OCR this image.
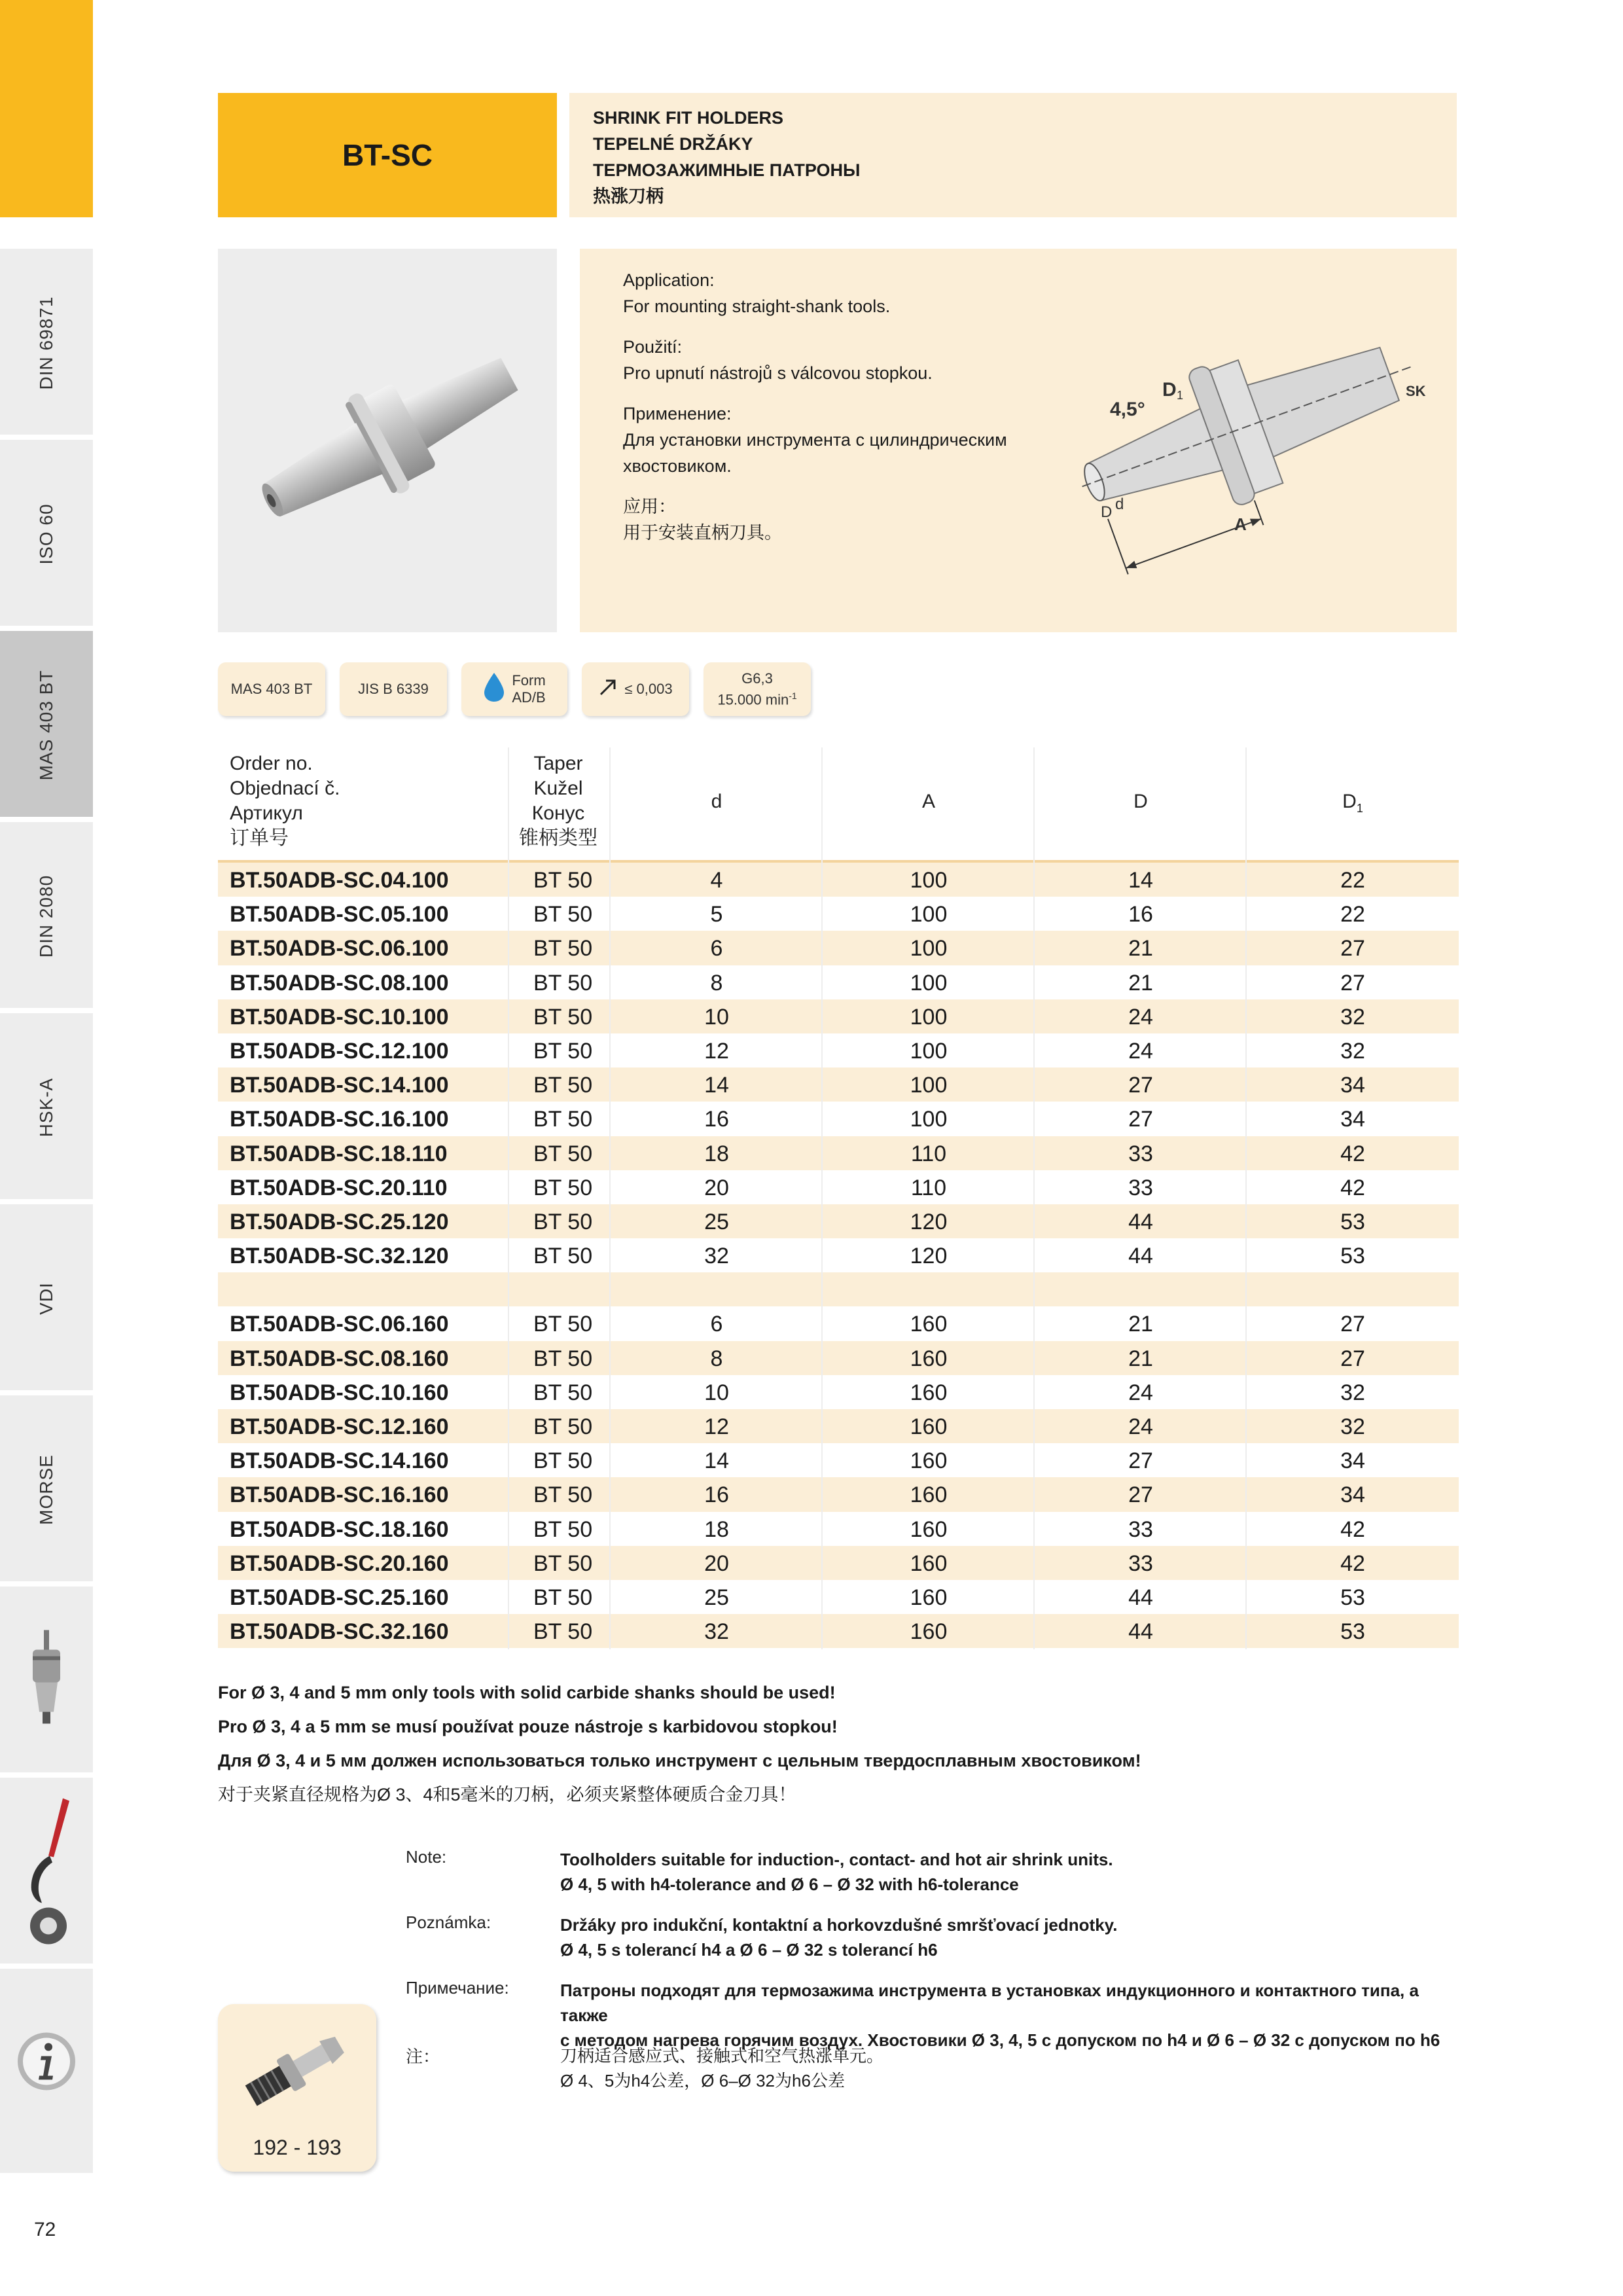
DIN 69871
ISO 60
MAS 403 BT
DIN 2080
HSK-A
VDI
MORSE
72
BT-SC
SHRINK FIT HOLDERS
TEPELNÉ DRŽÁKY
ТЕРМОЗАЖИМНЫЕ ПАТРОНЫ
热涨刀柄
Application:
For mounting straight-shank tools.
Použití:
Pro upnutí nástrojů s válcovou stopkou.
Применение:
Для установки инструмента с цилиндрическим хвостовиком.
应用：
用于安装直柄刀具。
4,5°
D 1	SK
D d
A
MAS 403 BT	JIS B 6339
Form
AD/B
≤ 0,003
G6,3
15.000 $\min^{-1}$
Order no.
Objednací č.
Артикул
订单号
Taper
Kužel
Конус
锥柄类型
d	A	D	$D_1$
BT.50ADB-SC.04.100	BT 50	4	100	14	22
BT.50ADB-SC.05.100	BT 50	5	100	16	22
BT.50ADB-SC.06.100	BT 50	6	100	21	27
BT.50ADB-SC.08.100	BT 50	8	100	21	27
BT.50ADB-SC.10.100	BT 50	10	100	24	32
BT.50ADB-SC.12.100	BT 50	12	100	24	32
BT.50ADB-SC.14.100	BT 50	14	100	27	34
BT.50ADB-SC.16.100	BT 50	16	100	27	34
BT.50ADB-SC.18.110	BT 50	18	110	33	42
BT.50ADB-SC.20.110	BT 50	20	110	33	42
BT.50ADB-SC.25.120	BT 50	25	120	44	53
BT.50ADB-SC.32.120	BT 50	32	120	44	53
BT.50ADB-SC.06.160	BT 50	6	160	21	27
BT.50ADB-SC.08.160	BT 50	8	160	21	27
BT.50ADB-SC.10.160	BT 50	10	160	24	32
BT.50ADB-SC.12.160	BT 50	12	160	24	32
BT.50ADB-SC.14.160	BT 50	14	160	27	34
BT.50ADB-SC.16.160	BT 50	16	160	27	34
BT.50ADB-SC.18.160	BT 50	18	160	33	42
BT.50ADB-SC.20.160	BT 50	20	160	33	42
BT.50ADB-SC.25.160	BT 50	25	160	44	53
BT.50ADB-SC.32.160	BT 50	32	160	44	53
For Ø 3, 4 and 5 mm only tools with solid carbide shanks should be used!
Pro Ø 3, 4 a 5 mm se musí používat pouze nástroje s karbidovou stopkou!
Для Ø 3, 4 и 5 мм должен использоваться только инструмент с цельным твердосплавным хвостовиком!
对于夹紧直径规格为Ø 3、4和5毫米的刀柄，必须夹紧整体硬质合金刀具！
Note:	Toolholders suitable for induction-, contact- and hot air shrink units.
Ø 4, 5 with h4-tolerance and Ø 6 – Ø 32 with h6-tolerance
Poznámka:	Držáky pro indukční, kontaktní a horkovzdušné smršťovací jednotky.
Ø 4, 5 s tolerancí h4 a Ø 6 – Ø 32 s tolerancí h6
Примечание:	Патроны подходят для термозажима инструмента в установках индукционного и контактного типа, а также
с методом нагрева горячим воздух. Хвостовики Ø 3, 4, 5 с допуском по h4 и Ø 6 – Ø 32 с допуском по h6
注：	刀柄适合感应式、接触式和空气热涨单元。
Ø 4、5为h4公差，Ø 6–Ø 32为h6公差
192 - 193
